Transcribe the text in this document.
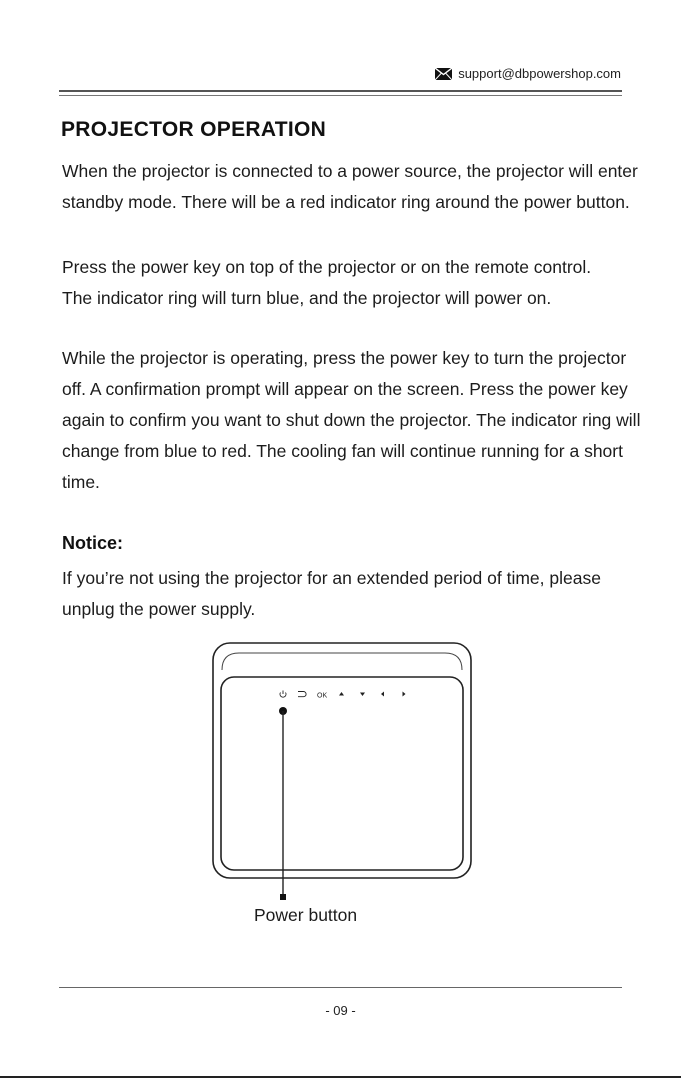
support@dbpowershop.com
PROJECTOR OPERATION

When the projector is connected to a power source, the projector will enter standby mode. There will be a red indicator ring around the power button.

Press the power key on top of the projector or on the remote control.
The indicator ring will turn blue, and the projector will power on.

While the projector is operating, press the power key to turn the projector off. A confirmation prompt will appear on the screen. Press the power key again to confirm you want to shut down the projector. The indicator ring will change from blue to red. The cooling fan will continue running for a short time.

Notice:

If you’re not using the projector for an extended period of time, please unplug the power supply.

OK
Power button
- 09 -
